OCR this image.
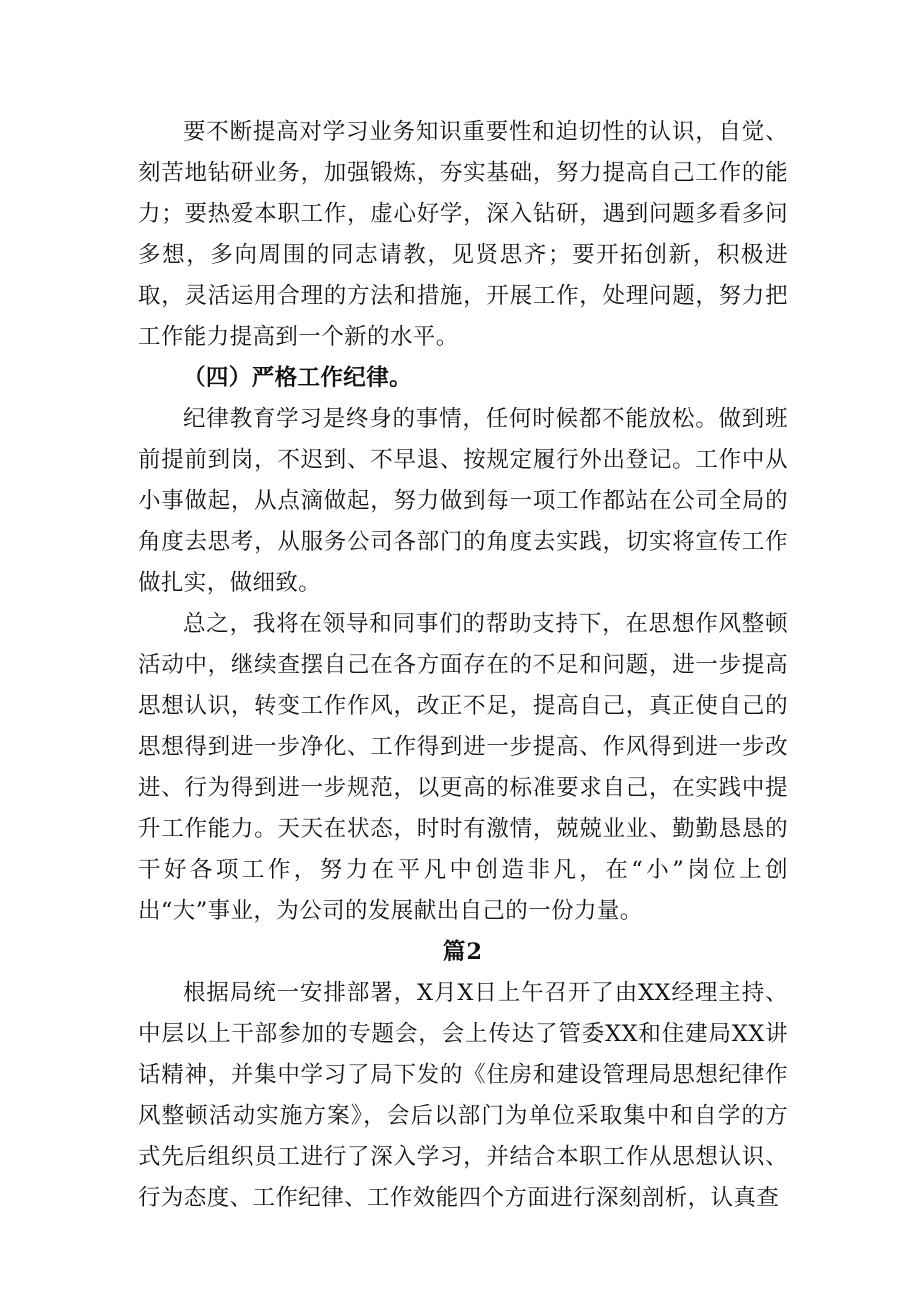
要不断提高对学习业务知识重要性和迫切性的认识，自觉、刻苦地钻研业务，加强锻炼，夯实基础，努力提高自己工作的能力；要热爱本职工作，虚心好学，深入钻研，遇到问题多看多问多想，多向周围的同志请教，见贤思齐；要开拓创新，积极进取，灵活运用合理的方法和措施，开展工作，处理问题，努力把工作能力提高到一个新的水平。

（四）严格工作纪律。

纪律教育学习是终身的事情，任何时候都不能放松。做到班前提前到岗，不迟到、不早退、按规定履行外出登记。工作中从小事做起，从点滴做起，努力做到每一项工作都站在公司全局的角度去思考，从服务公司各部门的角度去实践，切实将宣传工作做扎实，做细致。

总之，我将在领导和同事们的帮助支持下，在思想作风整顿活动中，继续查摆自己在各方面存在的不足和问题，进一步提高思想认识，转变工作作风，改正不足，提高自己，真正使自己的思想得到进一步净化、工作得到进一步提高、作风得到进一步改进、行为得到进一步规范，以更高的标准要求自己，在实践中提升工作能力。天天在状态，时时有激情，兢兢业业、勤勤恳恳的干好各项工作，努力在平凡中创造非凡，在“小”岗位上创出“大”事业，为公司的发展献出自己的一份力量。

篇2

根据局统一安排部署，X月X日上午召开了由XX经理主持、中层以上干部参加的专题会，会上传达了管委XX和住建局XX讲话精神，并集中学习了局下发的《住房和建设管理局思想纪律作风整顿活动实施方案》，会后以部门为单位采取集中和自学的方式先后组织员工进行了深入学习，并结合本职工作从思想认识、行为态度、工作纪律、工作效能四个方面进行深刻剖析，认真查
